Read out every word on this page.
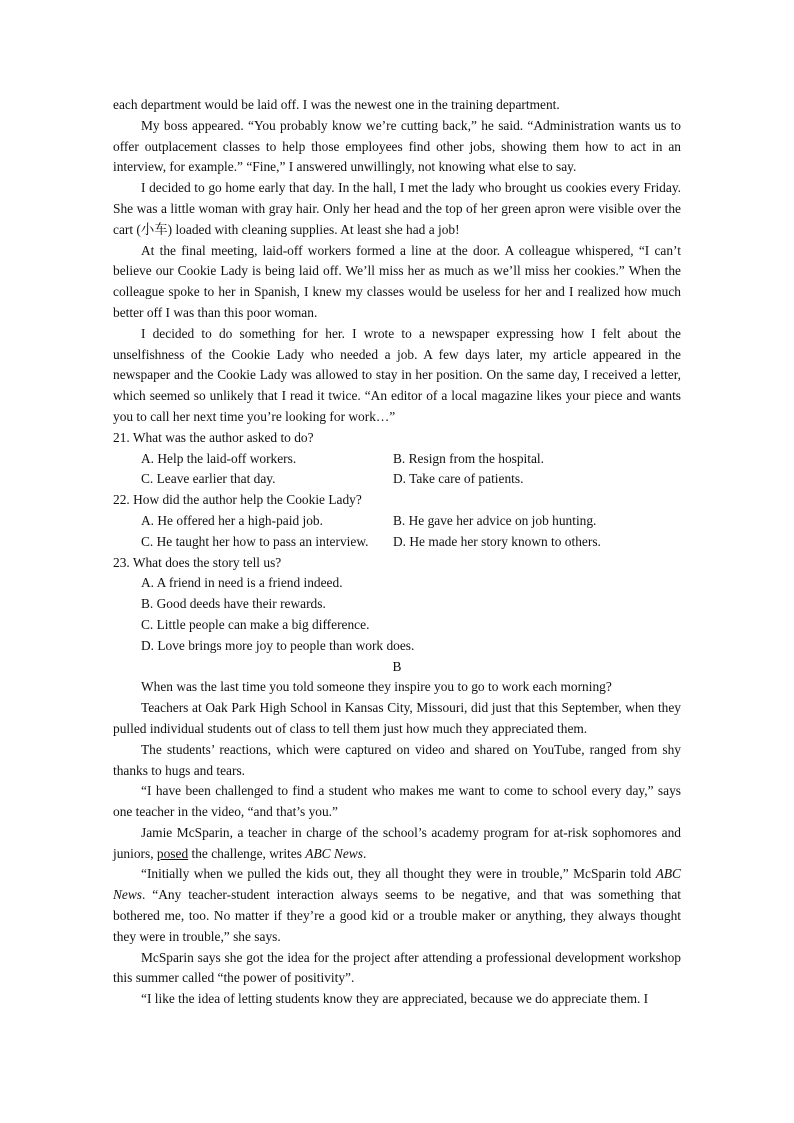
each department would be laid off. I was the newest one in the training department.

My boss appeared. “You probably know we’re cutting back,” he said. “Administration wants us to offer outplacement classes to help those employees find other jobs, showing them how to act in an interview, for example.” “Fine,” I answered unwillingly, not knowing what else to say.

I decided to go home early that day. In the hall, I met the lady who brought us cookies every Friday. She was a little woman with gray hair. Only her head and the top of her green apron were visible over the cart (小车) loaded with cleaning supplies. At least she had a job!

At the final meeting, laid-off workers formed a line at the door. A colleague whispered, “I can’t believe our Cookie Lady is being laid off. We’ll miss her as much as we’ll miss her cookies.” When the colleague spoke to her in Spanish, I knew my classes would be useless for her and I realized how much better off I was than this poor woman.

I decided to do something for her. I wrote to a newspaper expressing how I felt about the unselfishness of the Cookie Lady who needed a job. A few days later, my article appeared in the newspaper and the Cookie Lady was allowed to stay in her position. On the same day, I received a letter, which seemed so unlikely that I read it twice. “An editor of a local magazine likes your piece and wants you to call her next time you’re looking for work…”

21. What was the author asked to do?

A. Help the laid-off workers.	B. Resign from the hospital.
C. Leave earlier that day.	D. Take care of patients.

22. How did the author help the Cookie Lady?

A. He offered her a high-paid job.	B. He gave her advice on job hunting.
C. He taught her how to pass an interview.	D. He made her story known to others.

23. What does the story tell us?

A. A friend in need is a friend indeed.
B. Good deeds have their rewards.
C. Little people can make a big difference.
D. Love brings more joy to people than work does.

B

When was the last time you told someone they inspire you to go to work each morning?

Teachers at Oak Park High School in Kansas City, Missouri, did just that this September, when they pulled individual students out of class to tell them just how much they appreciated them.

The students’ reactions, which were captured on video and shared on YouTube, ranged from shy thanks to hugs and tears.

“I have been challenged to find a student who makes me want to come to school every day,” says one teacher in the video, “and that’s you.”

Jamie McSparin, a teacher in charge of the school’s academy program for at-risk sophomores and juniors, posed the challenge, writes ABC News.

“Initially when we pulled the kids out, they all thought they were in trouble,” McSparin told ABC News. “Any teacher-student interaction always seems to be negative, and that was something that bothered me, too. No matter if they’re a good kid or a trouble maker or anything, they always thought they were in trouble,” she says.

McSparin says she got the idea for the project after attending a professional development workshop this summer called “the power of positivity”.

“I like the idea of letting students know they are appreciated, because we do appreciate them. I
